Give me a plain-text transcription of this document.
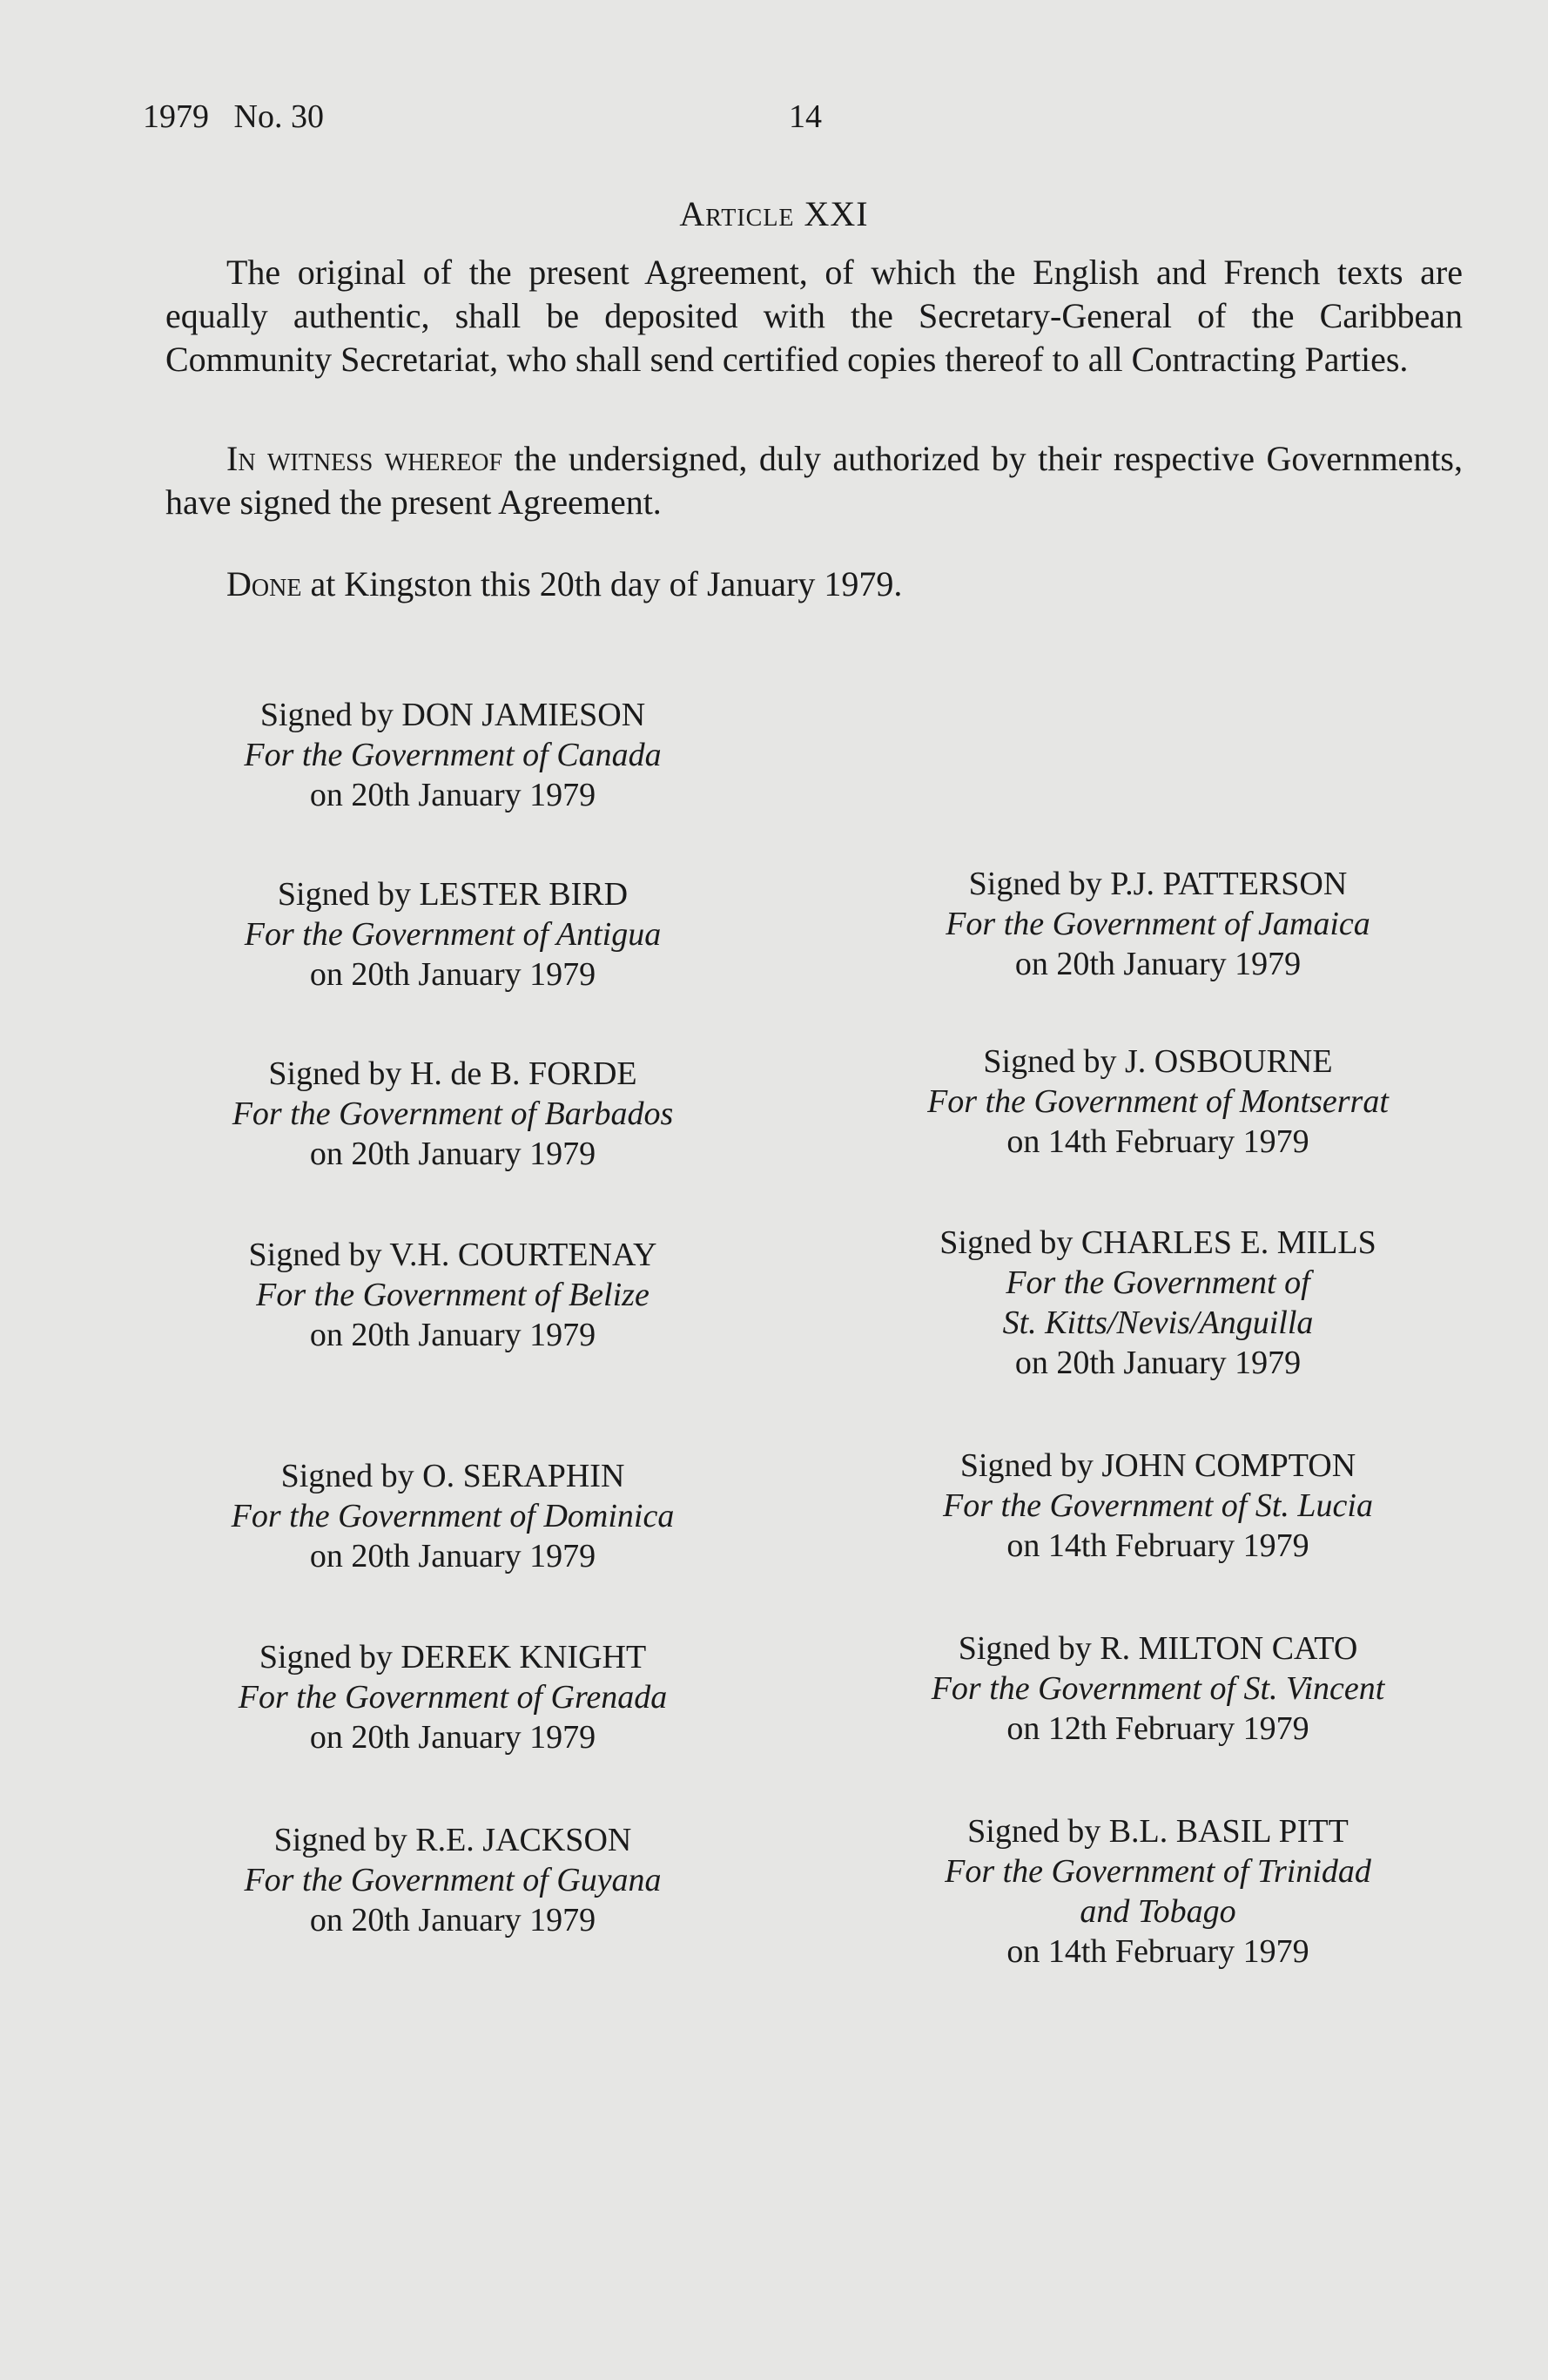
1979   No. 30	14
Article XXI
The original of the present Agreement, of which the English and French texts are equally authentic, shall be deposited with the Secretary-General of the Caribbean Community Secretariat, who shall send certified copies thereof to all Contracting Parties.
In witness whereof the undersigned, duly authorized by their respective Governments, have signed the present Agreement.
Done at Kingston this 20th day of January 1979.
Signed by DON JAMIESON
For the Government of Canada
on 20th January 1979
Signed by LESTER BIRD
For the Government of Antigua
on 20th January 1979
Signed by H. de B. FORDE
For the Government of Barbados
on 20th January 1979
Signed by V.H. COURTENAY
For the Government of Belize
on 20th January 1979
Signed by O. SERAPHIN
For the Government of Dominica
on 20th January 1979
Signed by DEREK KNIGHT
For the Government of Grenada
on 20th January 1979
Signed by R.E. JACKSON
For the Government of Guyana
on 20th January 1979
Signed by P.J. PATTERSON
For the Government of Jamaica
on 20th January 1979
Signed by J. OSBOURNE
For the Government of Montserrat
on 14th February 1979
Signed by CHARLES E. MILLS
For the Government of
St. Kitts/Nevis/Anguilla
on 20th January 1979
Signed by JOHN COMPTON
For the Government of St. Lucia
on 14th February 1979
Signed by R. MILTON CATO
For the Government of St. Vincent
on 12th February 1979
Signed by B.L. BASIL PITT
For the Government of Trinidad
and Tobago
on 14th February 1979
